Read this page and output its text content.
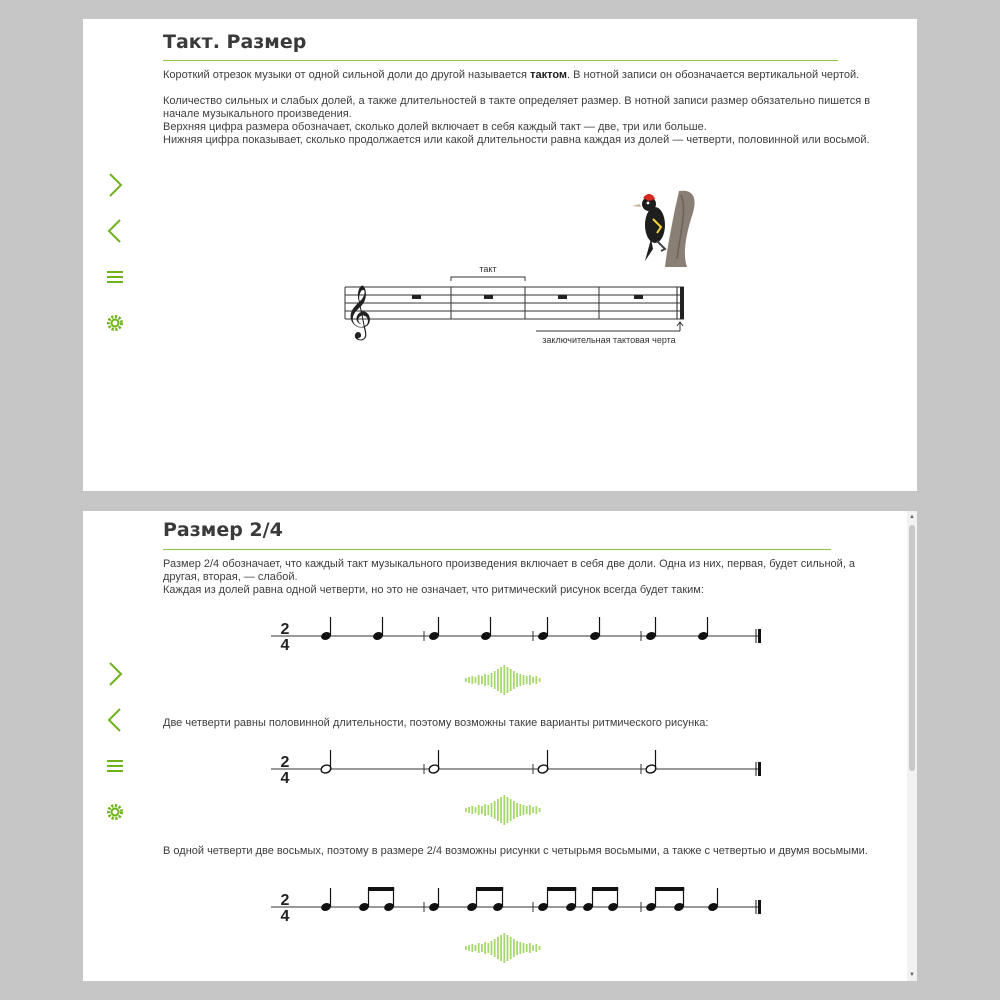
Такт. Размер
Короткий отрезок музыки от одной сильной доли до другой называется тактом. В нотной записи он обозначается вертикальной чертой.
Количество сильных и слабых долей, а также длительностей в такте определяет размер. В нотной записи размер обязательно пишется в начале музыкального произведения.
Верхняя цифра размера обозначает, сколько долей включает в себя каждый такт — две, три или больше.
Нижняя цифра показывает, сколько продолжается или какой длительности равна каждая из долей — четверти, половинной или восьмой.
𝄞
такт
заключительная тактовая черта
Размер 2/4
Размер 2/4 обозначает, что каждый такт музыкального произведения включает в себя две доли. Одна из них, первая, будет сильной, а другая, вторая, — слабой.
Каждая из долей равна одной четверти, но это не означает, что ритмический рисунок всегда будет таким:
Две четверти равны половинной длительности, поэтому возможны такие варианты ритмического рисунка:
В одной четверти две восьмых, поэтому в размере 2/4 возможны рисунки с четырьмя восьмыми, а также с четвертью и двумя восьмыми.
2
4
2
4
2
4
▲
▼
